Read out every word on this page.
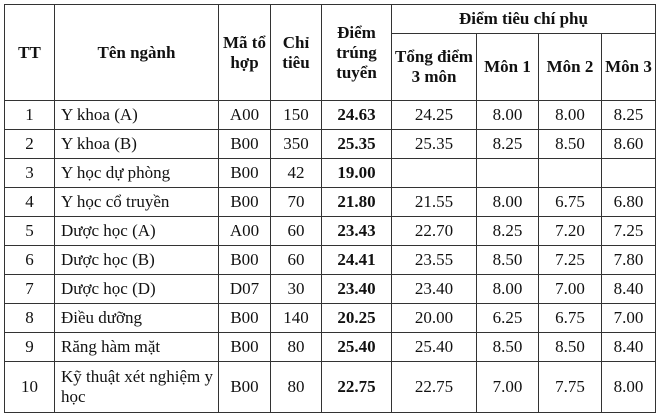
TT	Tên ngành	Mã tổ hợp	Chỉ tiêu	Điểm trúng tuyển	Điểm tiêu chí phụ			
					Tổng điểm 3 môn	Môn 1	Môn 2	Môn 3
1	Y khoa (A)	A00	150	24.63	24.25	8.00	8.00	8.25
2	Y khoa (B)	B00	350	25.35	25.35	8.25	8.50	8.60
3	Y học dự phòng	B00	42	19.00				
4	Y học cổ truyền	B00	70	21.80	21.55	8.00	6.75	6.80
5	Dược học (A)	A00	60	23.43	22.70	8.25	7.20	7.25
6	Dược học (B)	B00	60	24.41	23.55	8.50	7.25	7.80
7	Dược học (D)	D07	30	23.40	23.40	8.00	7.00	8.40
8	Điều dưỡng	B00	140	20.25	20.00	6.25	6.75	7.00
9	Răng hàm mặt	B00	80	25.40	25.40	8.50	8.50	8.40
10	Kỹ thuật xét nghiệm y học	B00	80	22.75	22.75	7.00	7.75	8.00
